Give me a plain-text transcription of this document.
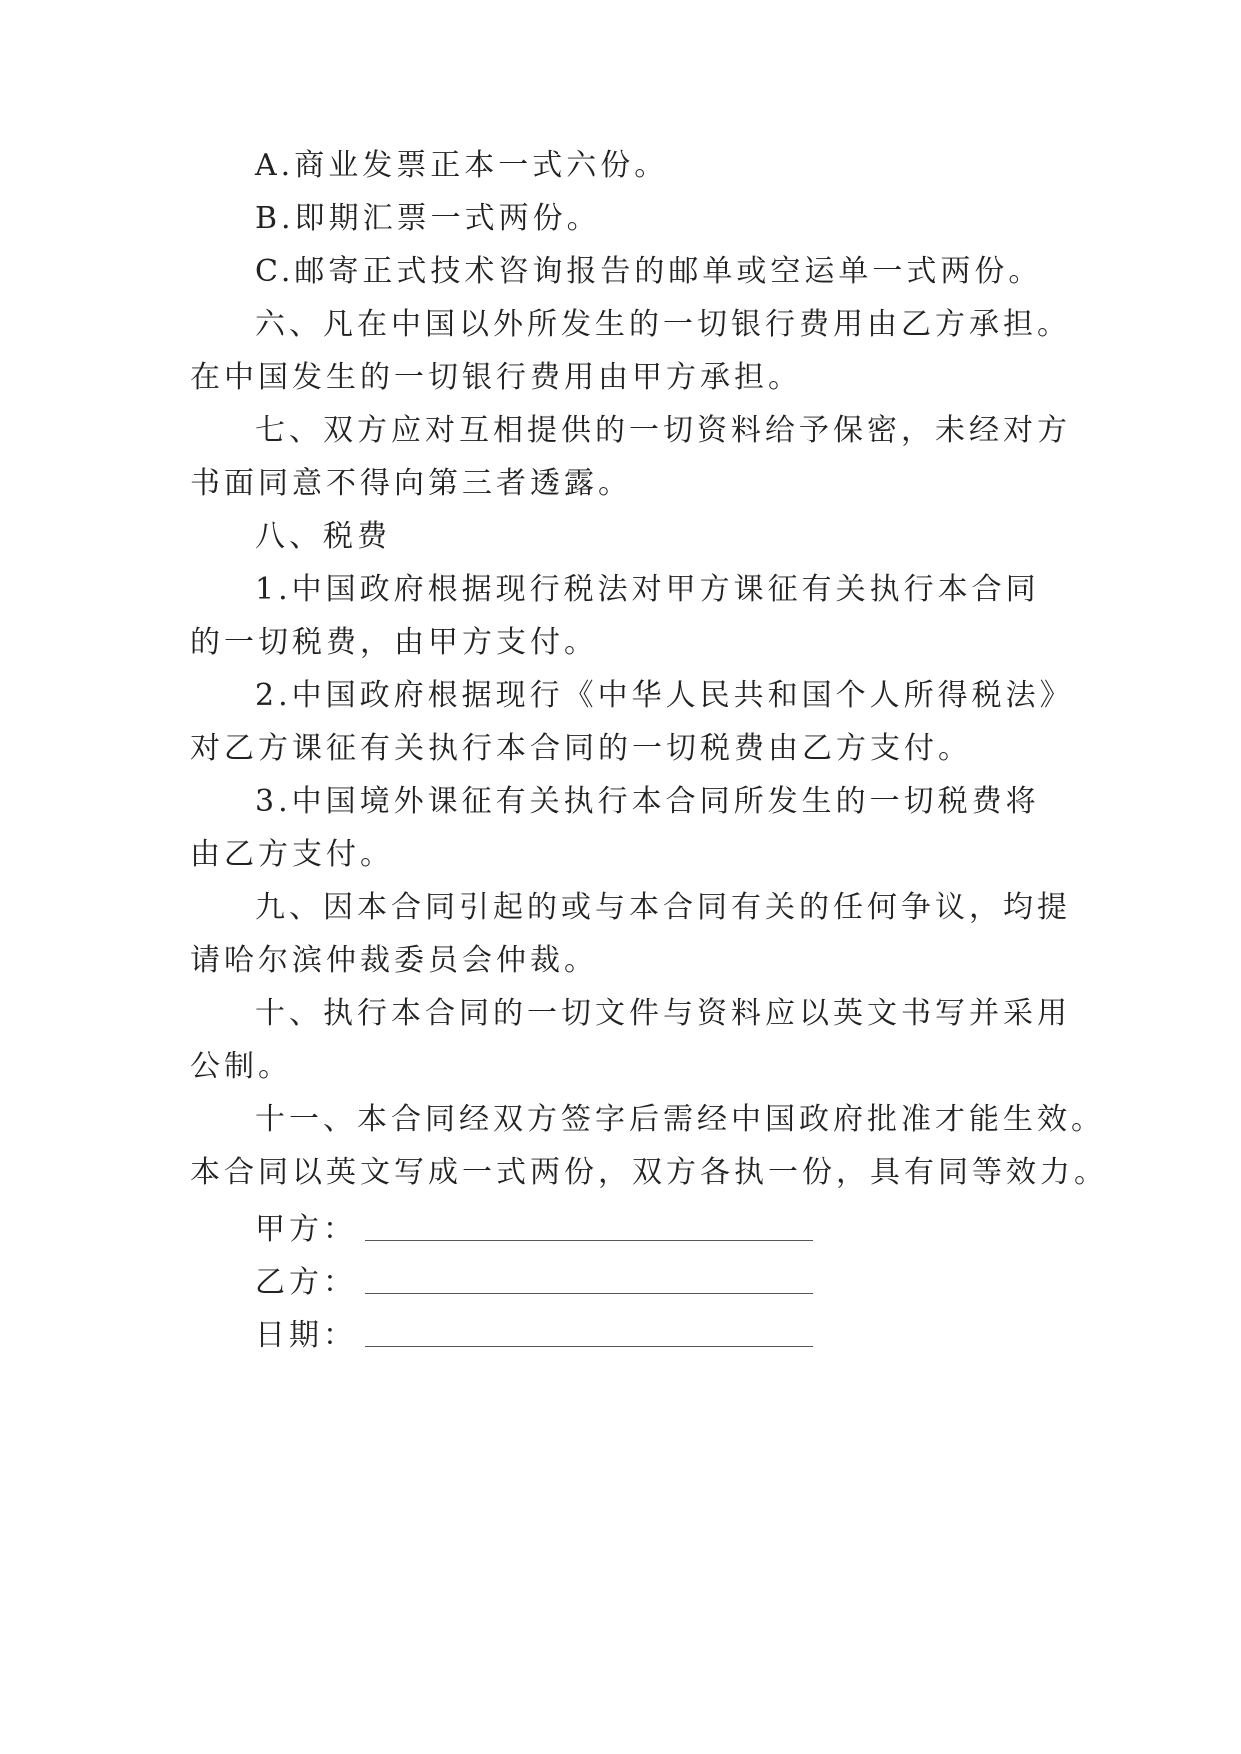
A.商业发票正本一式六份。

B.即期汇票一式两份。

C.邮寄正式技术咨询报告的邮单或空运单一式两份。

六、凡在中国以外所发生的一切银行费用由乙方承担。

在中国发生的一切银行费用由甲方承担。

七、双方应对互相提供的一切资料给予保密，未经对方

书面同意不得向第三者透露。

八、税费

1.中国政府根据现行税法对甲方课征有关执行本合同

的一切税费，由甲方支付。

2.中国政府根据现行《中华人民共和国个人所得税法》

对乙方课征有关执行本合同的一切税费由乙方支付。

3.中国境外课征有关执行本合同所发生的一切税费将

由乙方支付。

九、因本合同引起的或与本合同有关的任何争议，均提

请哈尔滨仲裁委员会仲裁。

十、执行本合同的一切文件与资料应以英文书写并采用

公制。

十一、本合同经双方签字后需经中国政府批准才能生效。

本合同以英文写成一式两份，双方各执一份，具有同等效力。

甲方：
乙方：
日期：
